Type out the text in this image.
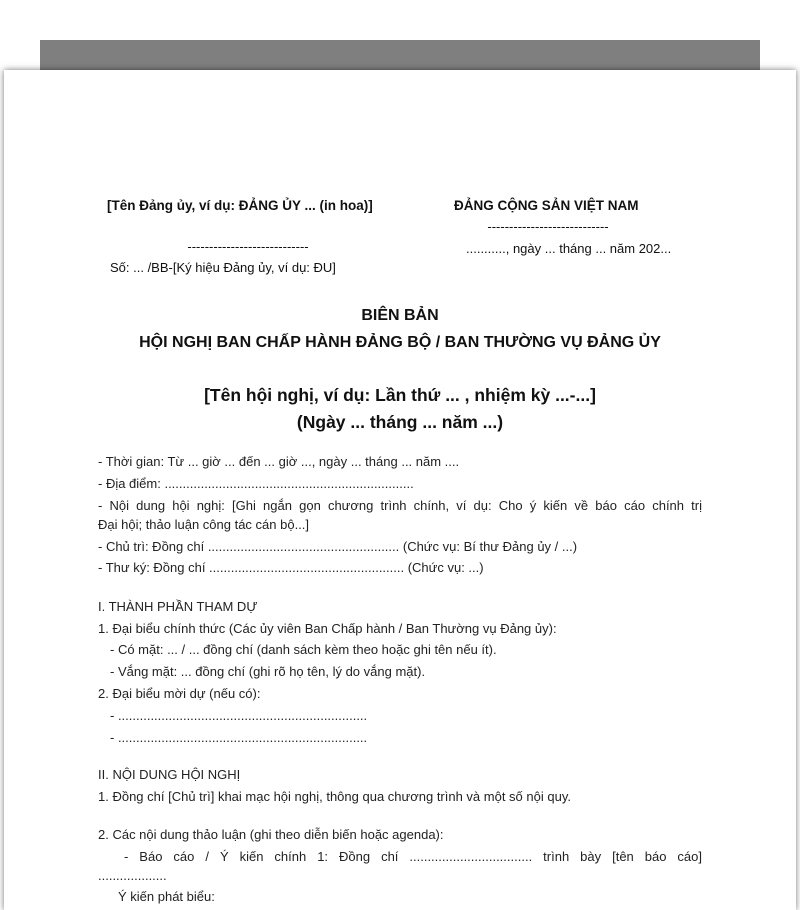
[Tên Đảng ủy, ví dụ: ĐẢNG ỦY ... (in hoa)]
----------------------------
Số: ... /BB-[Ký hiệu Đảng ủy, ví dụ: ĐU]
ĐẢNG CỘNG SẢN VIỆT NAM
----------------------------
..........., ngày ... tháng ... năm 202...
BIÊN BẢN
HỘI NGHỊ BAN CHẤP HÀNH ĐẢNG BỘ / BAN THƯỜNG VỤ ĐẢNG ỦY
[Tên hội nghị, ví dụ: Lần thứ ... , nhiệm kỳ ...-...]
(Ngày ... tháng ... năm ...)
- Thời gian: Từ ... giờ ... đến ... giờ ..., ngày ... tháng ... năm ....
- Địa điểm: .....................................................................
- Nội dung hội nghị: [Ghi ngắn gọn chương trình chính, ví dụ: Cho ý kiến về báo cáo chính trị
Đại hội; thảo luận công tác cán bộ...]
- Chủ trì: Đồng chí ..................................................... (Chức vụ: Bí thư Đảng ủy / ...)
- Thư ký: Đồng chí ...................................................... (Chức vụ: ...)
I. THÀNH PHẦN THAM DỰ
1. Đại biểu chính thức (Các ủy viên Ban Chấp hành / Ban Thường vụ Đảng ủy):
- Có mặt: ... / ... đồng chí (danh sách kèm theo hoặc ghi tên nếu ít).
- Vắng mặt: ... đồng chí (ghi rõ họ tên, lý do vắng mặt).
2. Đại biểu mời dự (nếu có):
- .....................................................................
- .....................................................................
II. NỘI DUNG HỘI NGHỊ
1. Đồng chí [Chủ trì] khai mạc hội nghị, thông qua chương trình và một số nội quy.
2. Các nội dung thảo luận (ghi theo diễn biến hoặc agenda):
- Báo cáo / Ý kiến chính 1: Đồng chí .................................. trình bày [tên báo cáo]
...................
Ý kiến phát biểu:
